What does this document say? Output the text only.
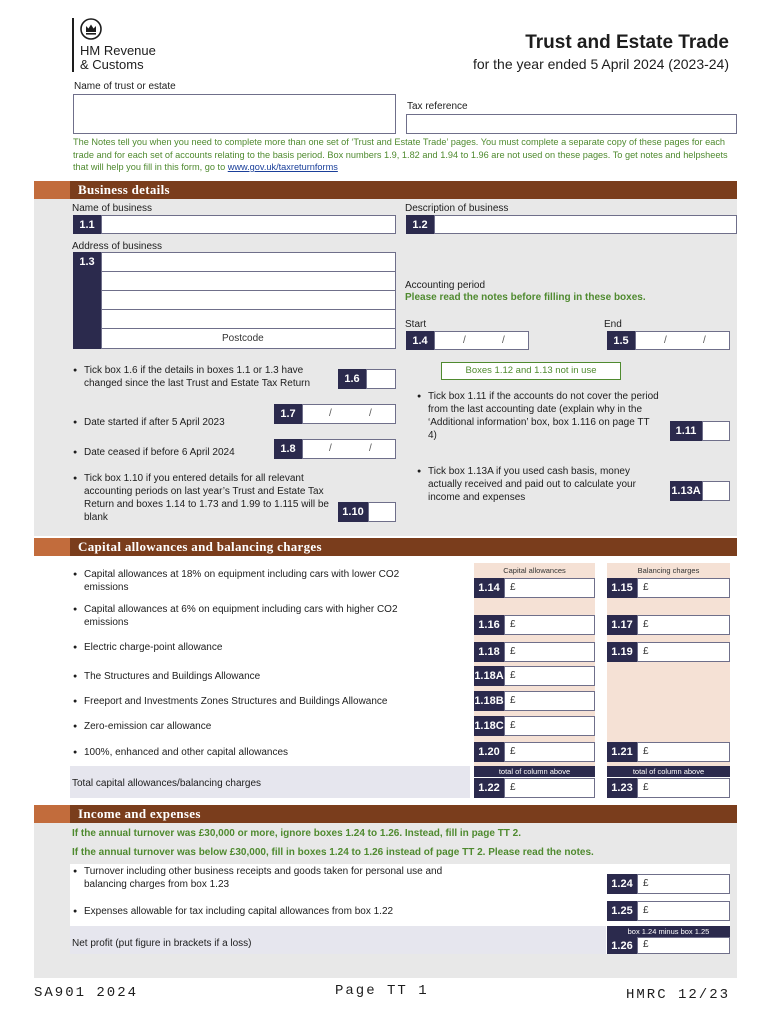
HM Revenue
& Customs
Trust and Estate Trade
for the year ended 5 April 2024 (2023-24)
Name of trust or estate
Tax reference
The Notes tell you when you need to complete more than one set of ‘Trust and Estate Trade’ pages. You must complete a separate copy of these pages for each trade and for each set of accounts relating to the basis period. Box numbers 1.9, 1.82 and 1.94 to 1.96 are not used on these pages. To get notes and helpsheets that will help you fill in this form, go to www.gov.uk/taxreturnforms
Business details
Name of business
1.1
Description of business
1.2
Address of business
1.3
Postcode
Accounting period
Please read the notes before filling in these boxes.
Start	End
1.4	/	/	1.5	/	/
● Tick box 1.6 if the details in boxes 1.1 or 1.3 have changed since the last Trust and Estate Tax Return	1.6
1.7	/	/
● Date started if after 5 April 2023
1.8	/	/
● Date ceased if before 6 April 2024
● Tick box 1.10 if you entered details for all relevant accounting periods on last year’s Trust and Estate Tax Return and boxes 1.14 to 1.73 and 1.99 to 1.115 will be blank	1.10
Boxes 1.12 and 1.13 not in use
● Tick box 1.11 if the accounts do not cover the period from the last accounting date (explain why in the ‘Additional information’ box, box 1.116 on page TT 4)	1.11
● Tick box 1.13A if you used cash basis, money actually received and paid out to calculate your income and expenses
1.13A
Capital allowances and balancing charges
Capital allowances	Balancing charges
● Capital allowances at 18% on equipment including cars with lower CO2 emissions	1.14	£	1.15	£
● Capital allowances at 6% on equipment including cars with higher CO2 emissions	1.16	£	1.17	£
● Electric charge-point allowance	1.18	£	1.19	£
● The Structures and Buildings Allowance	1.18A £
● Freeport and Investments Zones Structures and Buildings Allowance	1.18B £
● Zero-emission car allowance	1.18C £
● 100%, enhanced and other capital allowances	1.20	£	1.21	£
Total capital allowances/balancing charges
total of column above	total of column above
1.22	£	1.23	£
Income and expenses
If the annual turnover was £30,000 or more, ignore boxes 1.24 to 1.26. Instead, fill in page TT 2.
If the annual turnover was below £30,000, fill in boxes 1.24 to 1.26 instead of page TT 2. Please read the notes.
● Turnover including other business receipts and goods taken for personal use and balancing charges from box 1.23	1.24	£
● Expenses allowable for tax including capital allowances from box 1.22	1.25	£
Net profit (put figure in brackets if a loss)
box 1.24 minus box 1.25
1.26	£
SA901 2024	Page TT 1	HMRC 12/23
